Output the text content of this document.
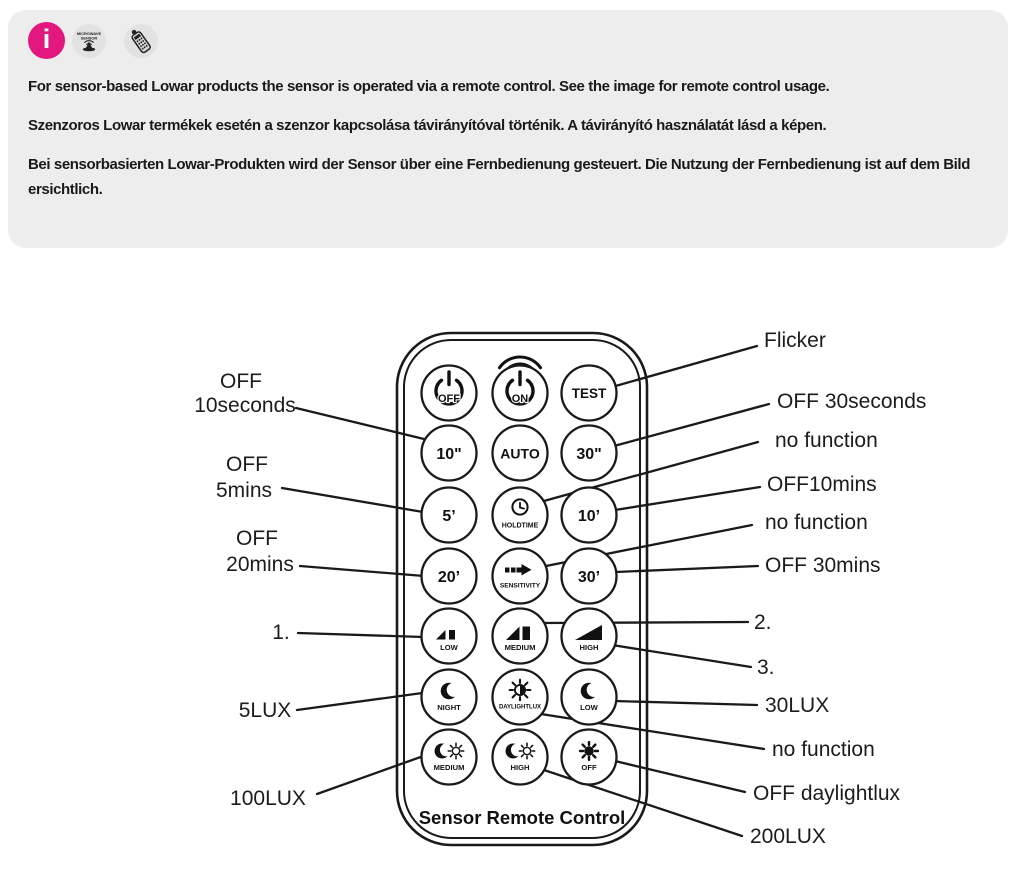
i	MICROWAVE
SENSOR

For sensor-based Lowar products the sensor is operated via a remote control. See the image for remote control usage.

Szenzoros Lowar termékek esetén a szenzor kapcsolása távirányítóval történik. A távirányító használatát lásd a képen.

Bei sensorbasierten Lowar-Produkten wird der Sensor über eine Fernbedienung gesteuert. Die Nutzung der Fernbedienung ist auf dem Bild ersichtlich.

OFF	ON	TEST
10"	AUTO 30"
5’
HOLDTIME
10’
20’	SENSITIVITY 30’
LOW	MEDIUM	HIGH
NIGHT	DAYLIGHTLUX	LOW
MEDIUM	HIGH	OFF
Sensor Remote Control
OFF
10seconds
OFF
5mins
OFF
20mins
1.
5LUX
100LUX
Flicker
OFF 30seconds
no function
OFF10mins
no function
OFF 30mins
2.
3.
30LUX
no function
OFF daylightlux
200LUX
